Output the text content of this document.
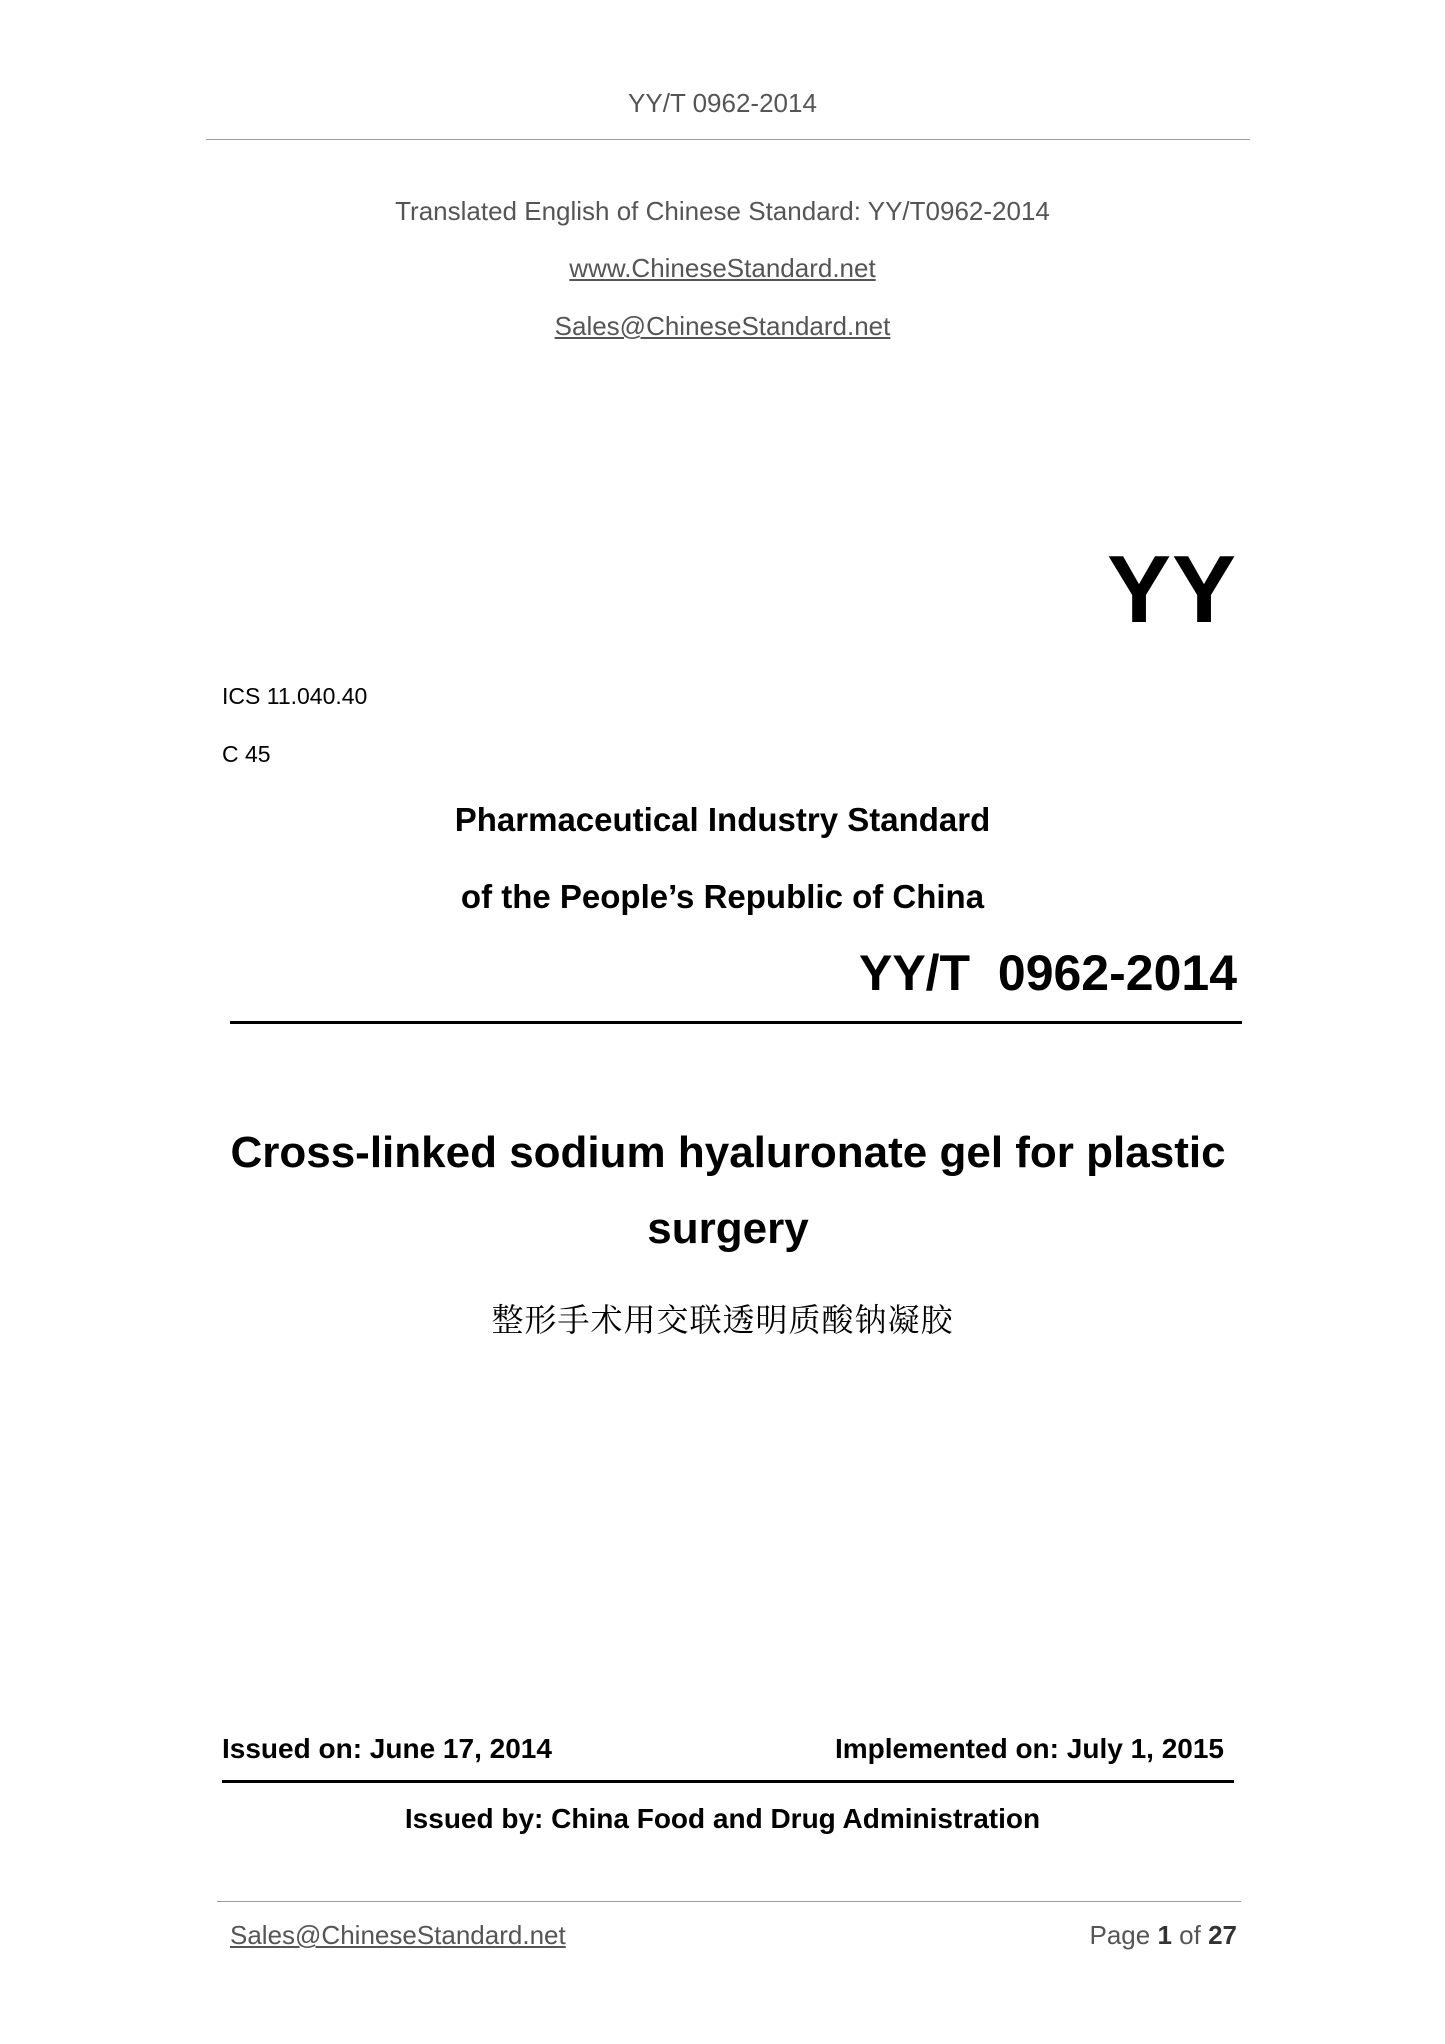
YY/T 0962-2014
Translated English of Chinese Standard: YY/T0962-2014
www.ChineseStandard.net
Sales@ChineseStandard.net
YY
ICS 11.040.40
C 45
Pharmaceutical Industry Standard
of the People’s Republic of China
YY/T  0962-2014
Cross-linked sodium hyaluronate gel for plastic surgery
整形手术用交联透明质酸钠凝胶
Issued on: June 17, 2014	Implemented on: July 1, 2015
Issued by: China Food and Drug Administration
Sales@ChineseStandard.net	Page 1 of 27
